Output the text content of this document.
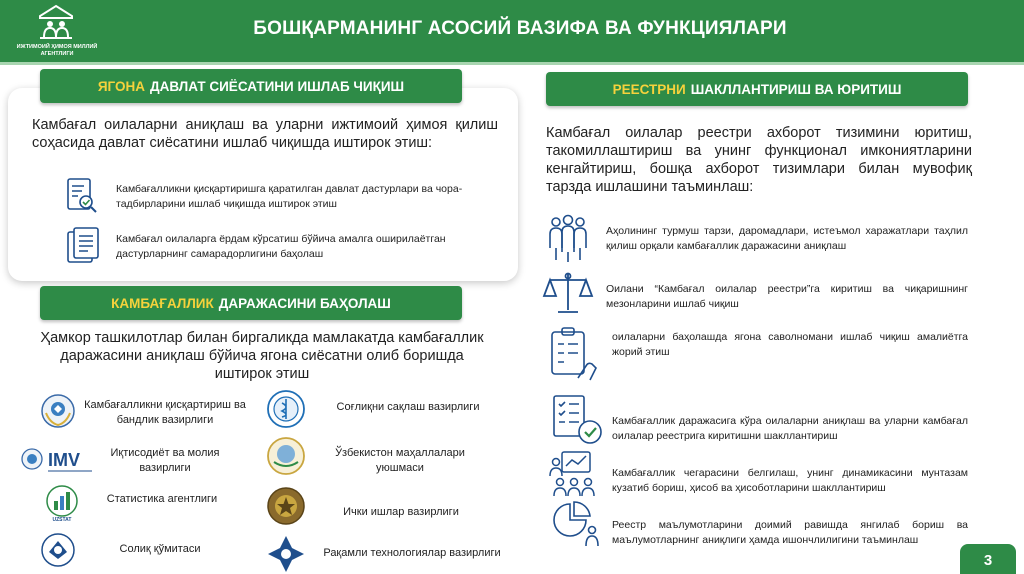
ИЖТИМОИЙ ҲИМОЯ МИЛЛИЙ
АГЕНТЛИГИ
БОШҚАРМАНИНГ АСОСИЙ ВАЗИФА ВА ФУНКЦИЯЛАРИ
ЯГОНА ДАВЛАТ СИЁСАТИНИ ИШЛАБ ЧИҚИШ
Камбағал оилаларни аниқлаш ва уларни ижтимоий ҳимоя қилиш соҳасида давлат сиёсатини ишлаб чиқишда иштирок этиш:
Камбағалликни қисқартиришга қаратилган давлат дастурлари ва чора-тадбирларини ишлаб чиқишда иштирок этиш
Камбағал оилаларга ёрдам кўрсатиш бўйича амалга оширилаётган дастурларнинг самарадорлигини баҳолаш
КАМБАҒАЛЛИК ДАРАЖАСИНИ БАҲОЛАШ
Ҳамкор ташкилотлар билан биргаликда мамлакатда камбағаллик даражасини аниқлаш бўйича ягона сиёсатни олиб боришда иштирок этиш
Камбағалликни қисқартириш ва бандлик вазирлиги
IMV	Иқтисодиёт ва молия вазирлиги
UZSTAT
Статистика агентлиги
Солиқ қўмитаси
Соғлиқни сақлаш вазирлиги
Ўзбекистон маҳаллалари уюшмаси
Ички ишлар вазирлиги
Рақамли технологиялар вазирлиги
РЕЕСТРНИ ШАКЛЛАНТИРИШ ВА ЮРИТИШ
Камбағал оилалар реестри ахборот тизимини юритиш, такомиллаштириш ва унинг функционал имкониятларини кенгайтириш, бошқа ахборот тизимлари билан мувофиқ тарзда ишлашини таъминлаш:
Аҳолининг турмуш тарзи, даромадлари, истеъмол харажатлари таҳлил қилиш орқали камбағаллик даражасини аниқлаш
Оилани “Камбағал оилалар реестри”га киритиш ва чиқаришнинг мезонларини ишлаб чиқиш
оилаларни баҳолашда ягона саволномани ишлаб чиқиш амалиётга жорий этиш
Камбағаллик даражасига кўра оилаларни аниқлаш ва уларни камбағал оилалар реестрига киритишни шакллантириш
Камбағаллик чегарасини белгилаш, унинг динамикасини мунтазам кузатиб бориш, ҳисоб ва ҳисоботларини шакллантириш
Реестр маълумотларини доимий равишда янгилаб бориш ва маълумотларнинг аниқлиги ҳамда ишончлилигини таъминлаш
3
